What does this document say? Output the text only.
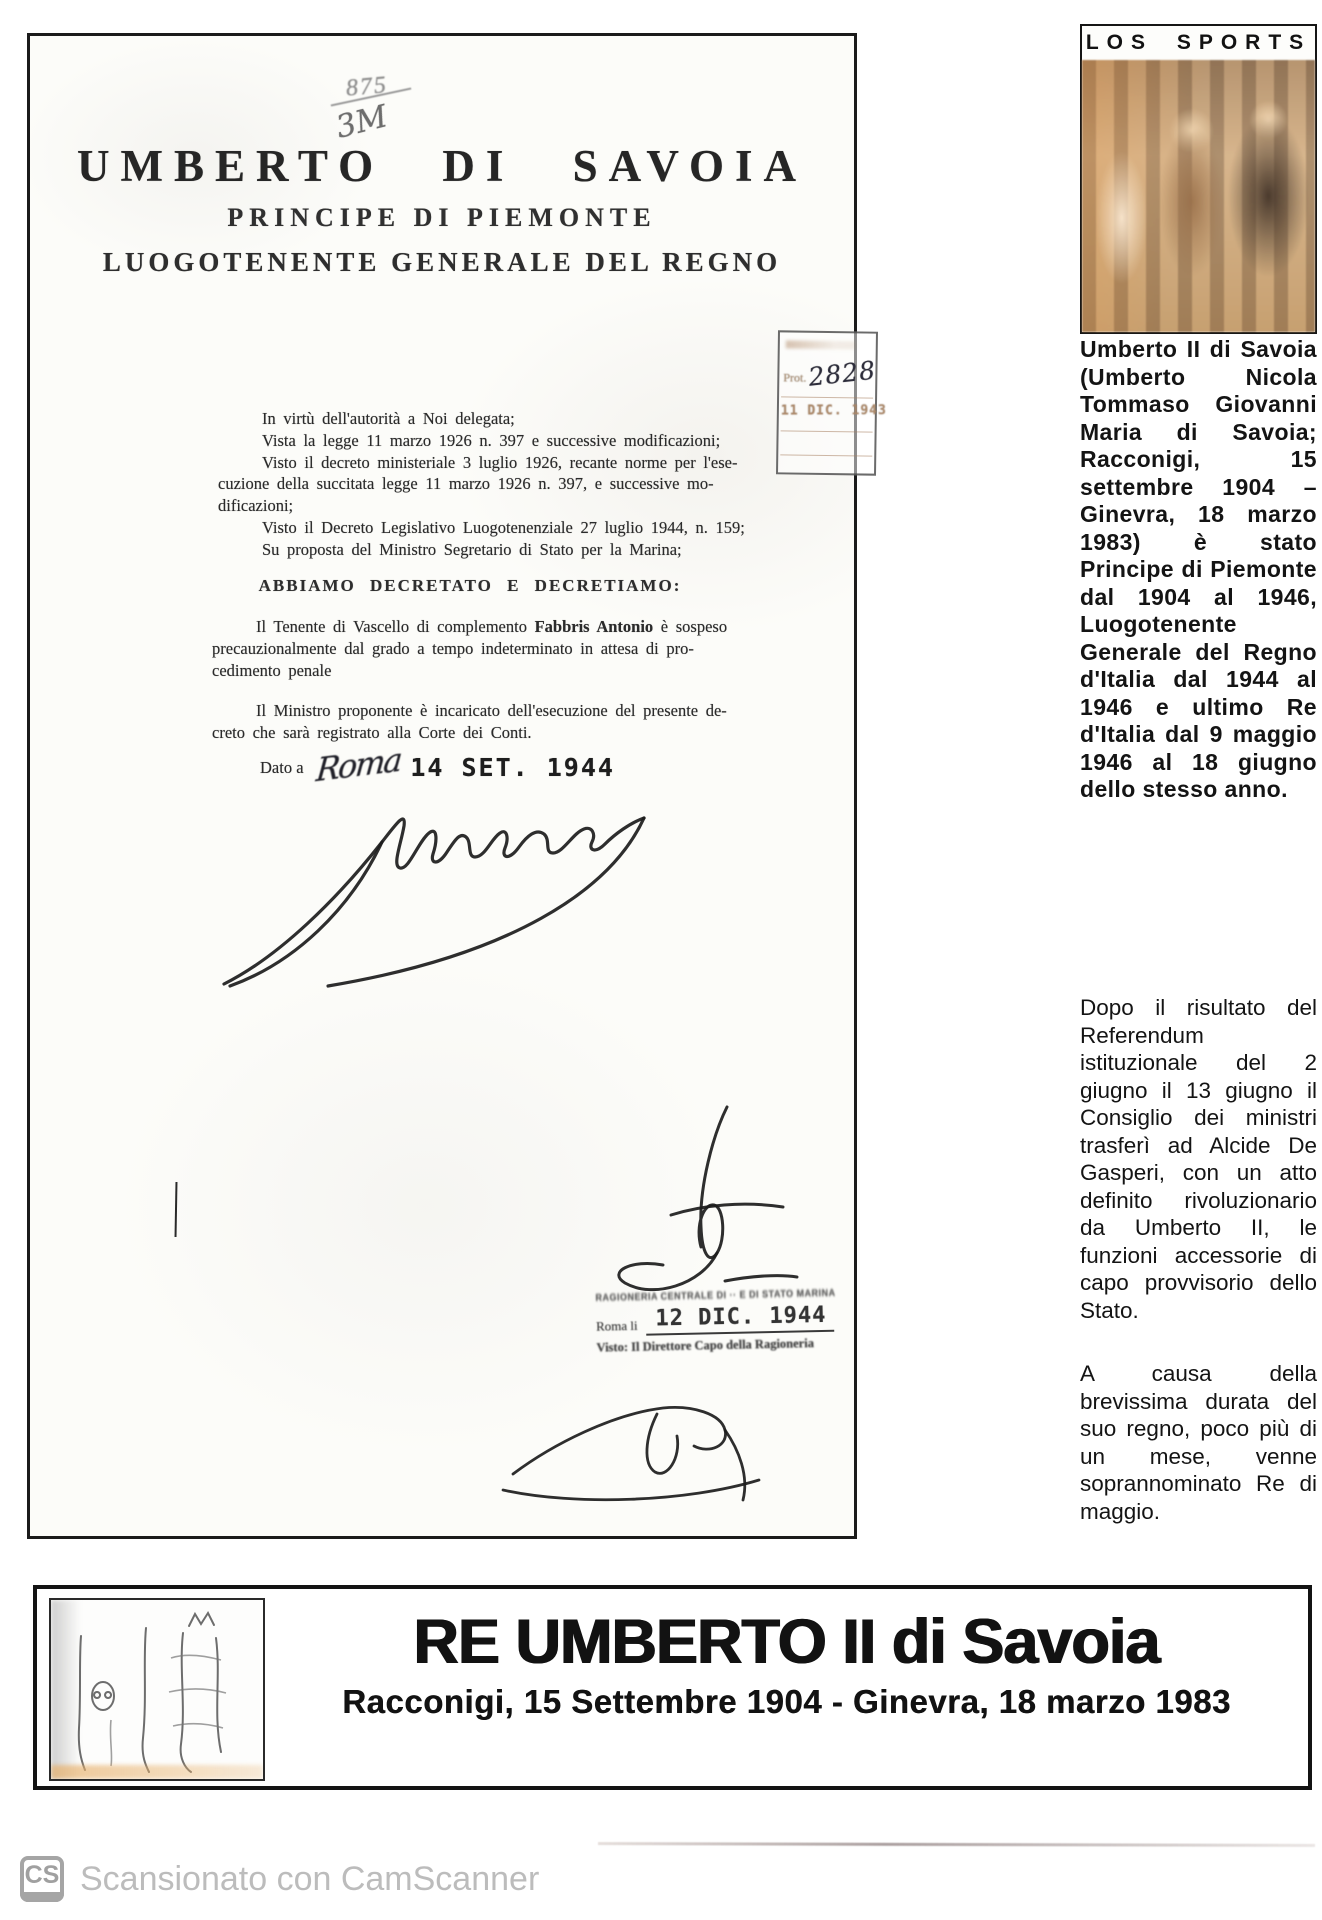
875
3M
UMBERTO DI SAVOIA
PRINCIPE DI PIEMONTE
LUOGOTENENTE GENERALE DEL REGNO
Prot.2828
11 DIC. 1943
In virtù dell'autorità a Noi delegata;
Vista la legge 11 marzo 1926 n. 397 e successive modificazioni;
Visto il decreto ministeriale 3 luglio 1926, recante norme per l'ese-
cuzione della succitata legge 11 marzo 1926 n. 397, e successive mo-
dificazioni;
Visto il Decreto Legislativo Luogotenenziale 27 luglio 1944, n. 159;
Su proposta del Ministro Segretario di Stato per la Marina;
ABBIAMO DECRETATO E DECRETIAMO:
Il Tenente di Vascello di complemento Fabbris Antonio è sospeso
precauzionalmente dal grado a tempo indeterminato in attesa di pro-
cedimento penale
Il Ministro proponente è incaricato dell'esecuzione del presente de-
creto che sarà registrato alla Corte dei Conti.
Dato a Roma 14 SET. 1944
RAGIONERIA CENTRALE DI ·· E DI STATO MARINA
Roma li 12 DIC. 1944
Visto: Il Direttore Capo della Ragioneria
LOS SPORTS

Umberto II di Savoia (Umberto Nicola Tommaso Giovanni Maria di Savoia; Racconigi, 15 settembre 1904 – Ginevra, 18 marzo 1983) è stato Principe di Piemonte dal 1904 al 1946, Luogotenente Generale del Regno d'Italia dal 1944 al 1946 e ultimo Re d'Italia dal 9 maggio 1946 al 18 giugno dello stesso anno.

Dopo il risultato del Referendum istituzionale del 2 giugno il 13 giugno il Consiglio dei ministri trasferì ad Alcide De Gasperi, con un atto definito rivoluzionario da Umberto II, le funzioni accessorie di capo provvisorio dello Stato.

A causa della brevissima durata del suo regno, poco più di un mese, venne soprannominato Re di maggio.

RE UMBERTO II di Savoia
Racconigi, 15 Settembre 1904 - Ginevra, 18 marzo 1983
CS Scansionato con CamScanner
